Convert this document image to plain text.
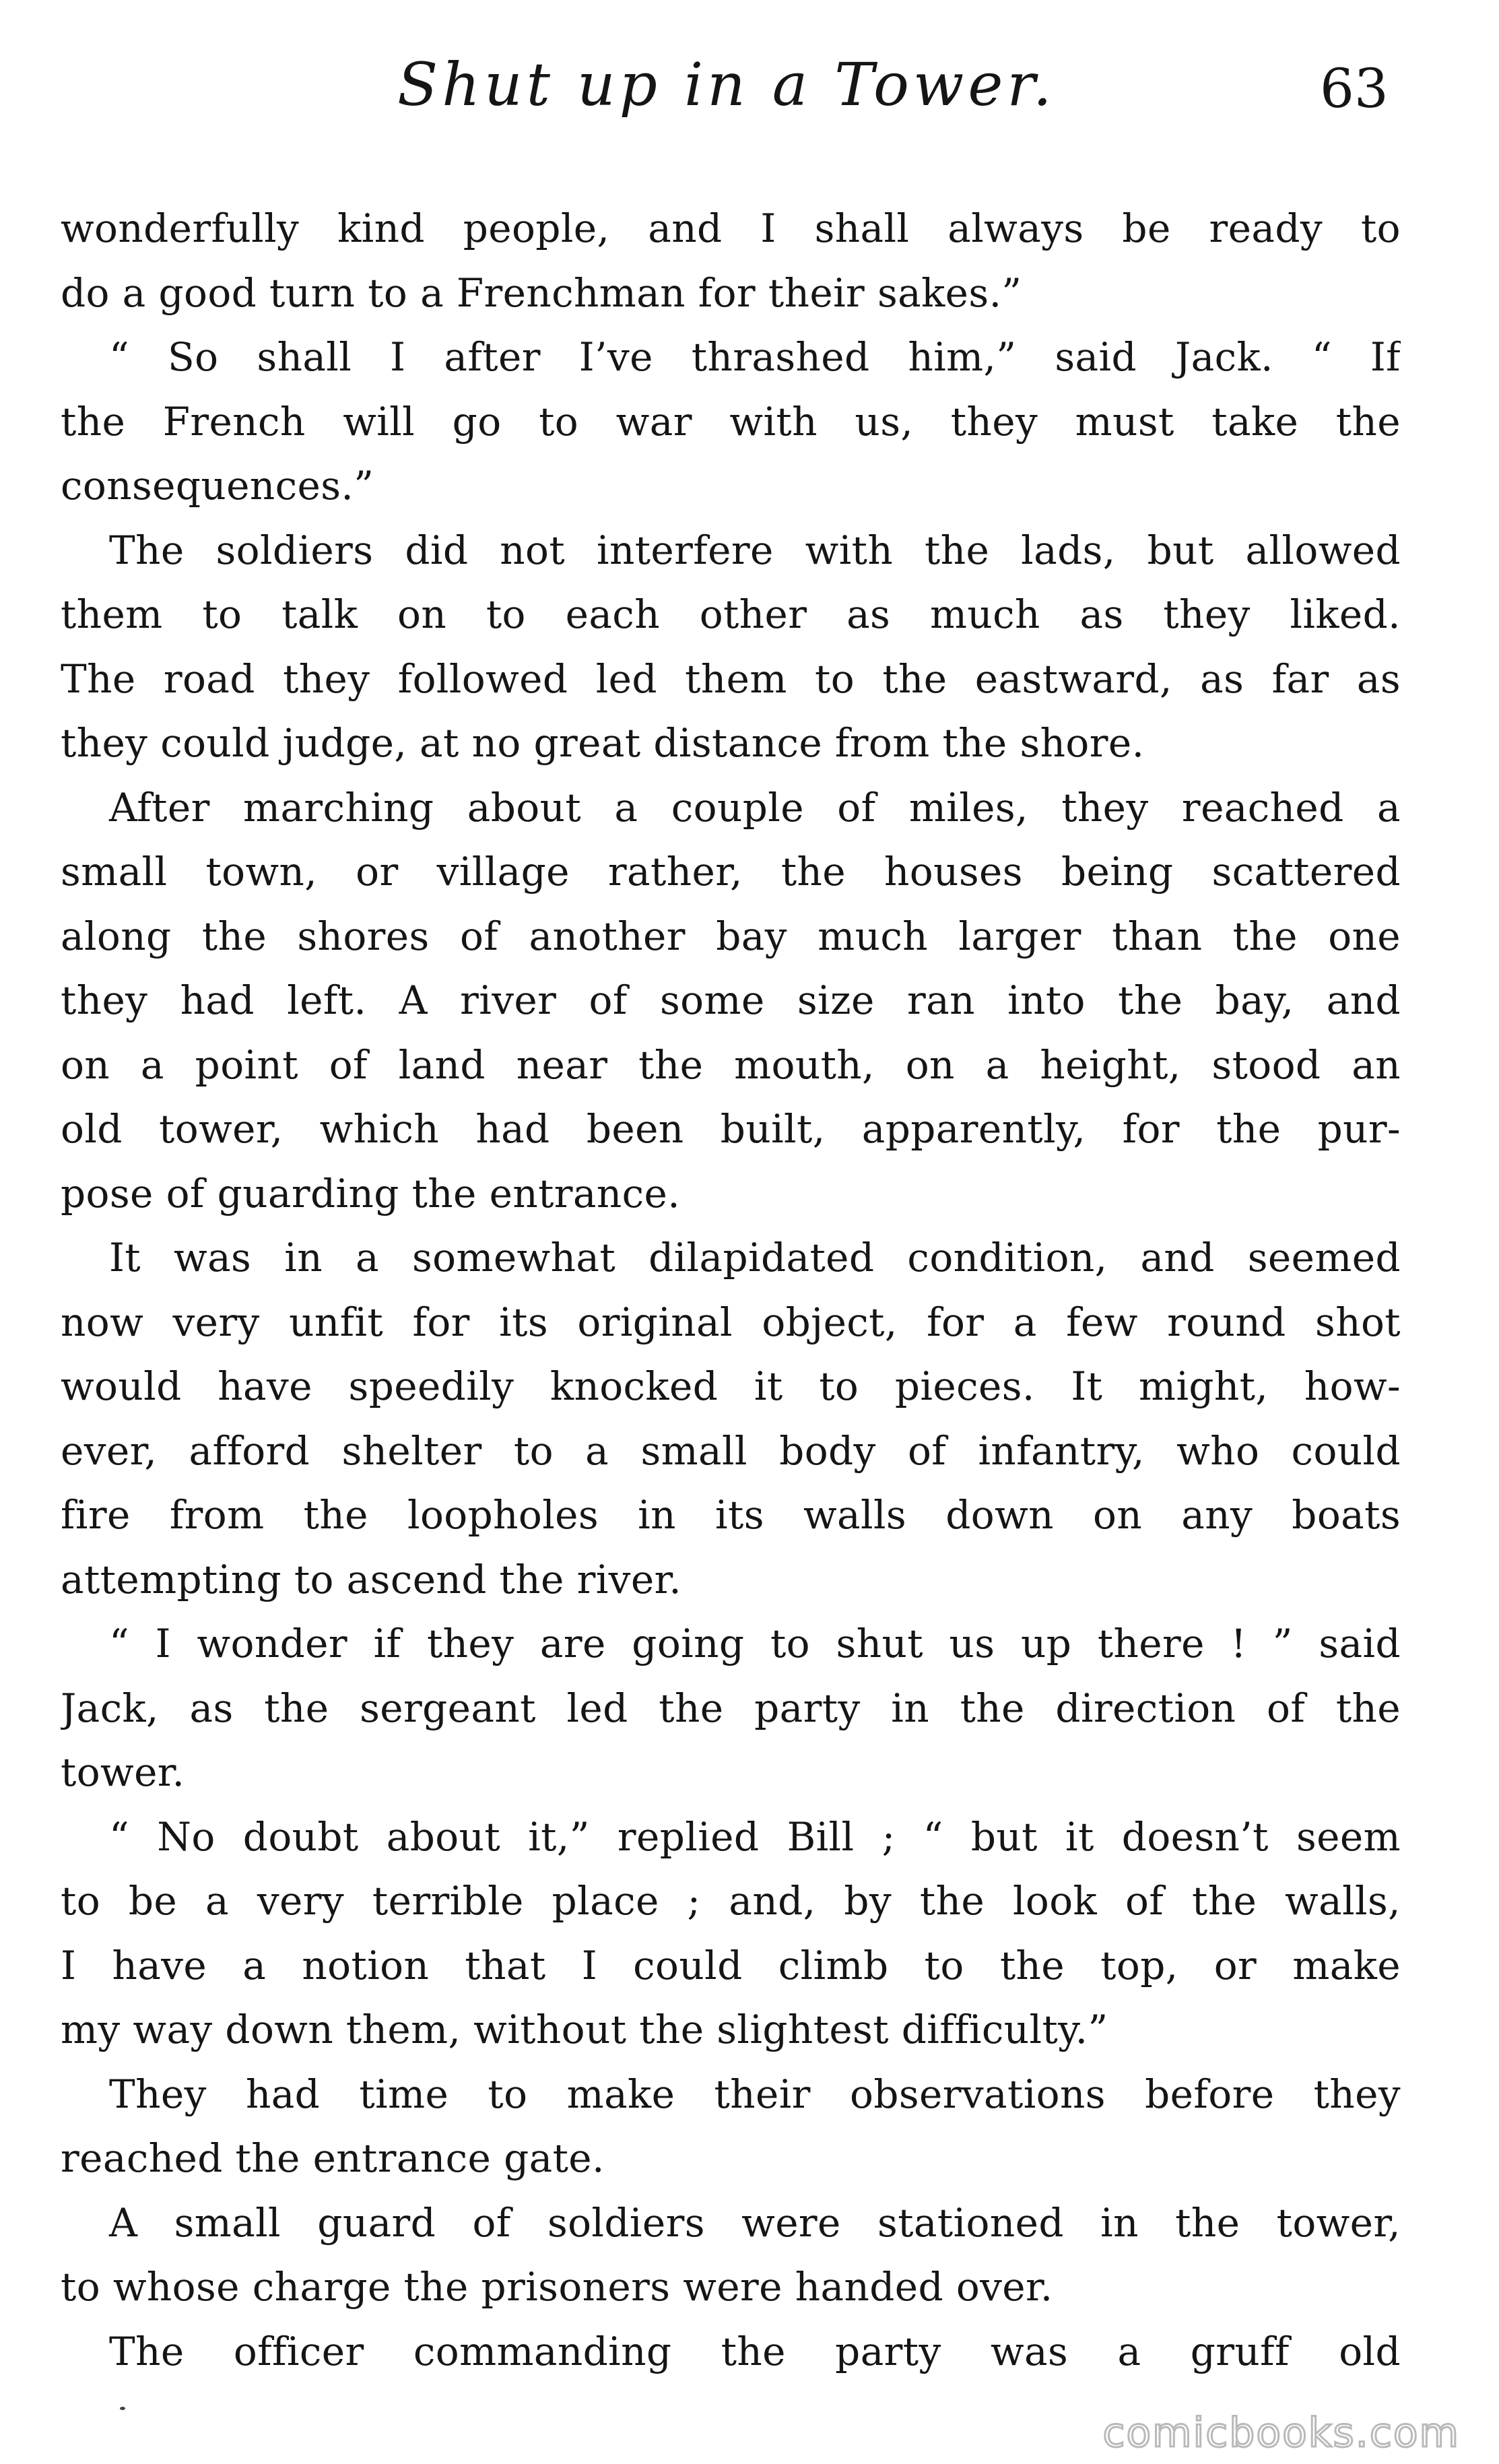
Shut up in a Tower.	63
wonderfully kind people, and I shall always be ready to
do a good turn to a Frenchman for their sakes.”
“ So shall I after I’ve thrashed him,” said Jack. “ If
the French will go to war with us, they must take the
consequences.”
The soldiers did not interfere with the lads, but allowed
them to talk on to each other as much as they liked.
The road they followed led them to the eastward, as far as
they could judge, at no great distance from the shore.
After marching about a couple of miles, they reached a
small town, or village rather, the houses being scattered
along the shores of another bay much larger than the one
they had left. A river of some size ran into the bay, and
on a point of land near the mouth, on a height, stood an
old tower, which had been built, apparently, for the pur-
pose of guarding the entrance.
It was in a somewhat dilapidated condition, and seemed
now very unfit for its original object, for a few round shot
would have speedily knocked it to pieces. It might, how-
ever, afford shelter to a small body of infantry, who could
fire from the loopholes in its walls down on any boats
attempting to ascend the river.
“ I wonder if they are going to shut us up there ! ” said
Jack, as the sergeant led the party in the direction of the
tower.
“ No doubt about it,” replied Bill ; “ but it doesn’t seem
to be a very terrible place ; and, by the look of the walls,
I have a notion that I could climb to the top, or make
my way down them, without the slightest difficulty.”
They had time to make their observations before they
reached the entrance gate.
A small guard of soldiers were stationed in the tower,
to whose charge the prisoners were handed over.
The officer commanding the party was a gruff old
comicbooks.com
